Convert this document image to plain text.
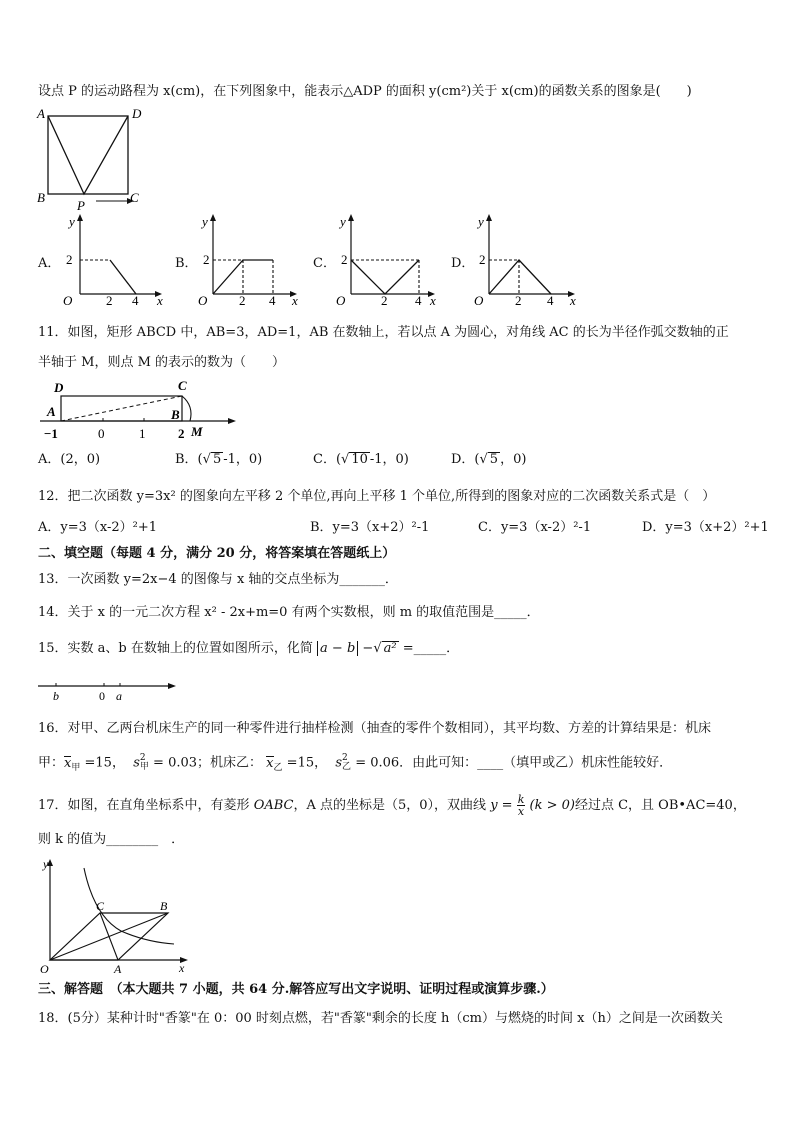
设点 P 的运动路程为 x(cm)，在下列图象中，能表示△ADP 的面积 y(cm²)关于 x(cm)的函数关系的图象是(　　)
A	D
B	C
P
A．
y
x
O
2
2 4
B．
y
x
O
2
2 4
C．
y
x
O
2
2 4
D．
y
x
O
2
2 4
11．如图，矩形 ABCD 中，AB=3，AD=1，AB 在数轴上，若以点 A 为圆心，对角线 AC 的长为半径作弧交数轴的正
半轴于 M，则点 M 的表示的数为（　　）
D	C
A	B
M
−1	0	1	2
A．(2，0)	B．(√ 5 -1，0)	C．(√ 10 -1，0)	D．(√ 5 ，0)
12．把二次函数 y=3x² 的图象向左平移 2 个单位,再向上平移 1 个单位,所得到的图象对应的二次函数关系式是（　）
A．y=3（x-2）²+1	B．y=3（x+2）²-1	C．y=3（x-2）²-1	D．y=3（x+2）²+1
二、填空题（每题 4 分，满分 20 分，将答案填在答题纸上）
13．一次函数 y=2x−4 的图像与 x 轴的交点坐标为_______．
14．关于 x 的一元二次方程 x² - 2x+m=0 有两个实数根，则 m 的取值范围是_____．
15．实数 a、b 在数轴上的位置如图所示，化简 a − b −√ a² =_____．
b	0 a
16．对甲、乙两台机床生产的同一种零件进行抽样检测（抽查的零件个数相同），其平均数、方差的计算结果是：机床
甲：$x_甲 =15$， s 2
甲 = 0.03；机床乙： $x_乙 =15$， s 2
乙 = 0.06．由此可知：____（填甲或乙）机床性能较好．
17．如图，在直角坐标系中，有菱形 OABC，A 点的坐标是（5，0），双曲线 $y = \frac{k}{x} (k > 0)$经过点 C，且 OB•AC=40，
则 k 的值为________　．
y
x
O	A
B
C
三、解答题　（本大题共 7 小题，共 64 分.解答应写出文字说明、证明过程或演算步骤.）
18．(5分）某种计时"香篆"在 0：00 时刻点燃，若"香篆"剩余的长度 h（cm）与燃烧的时间 x（h）之间是一次函数关
